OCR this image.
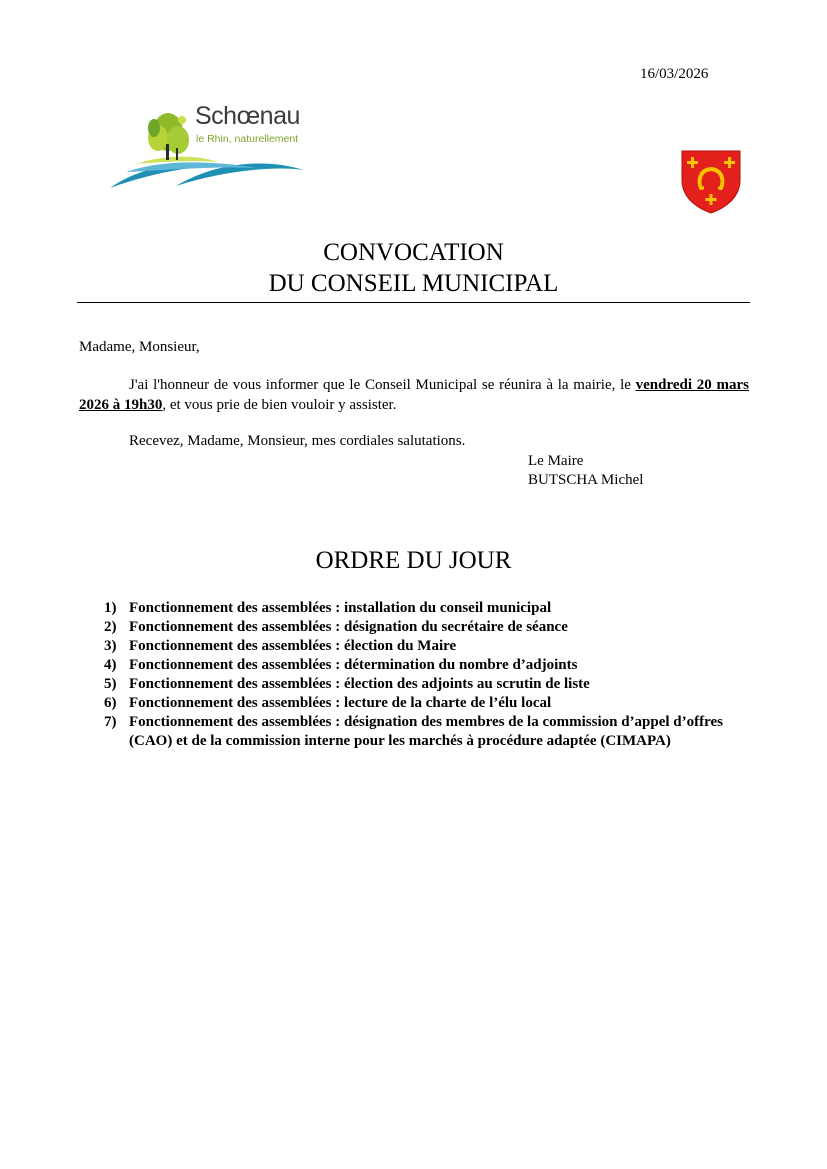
16/03/2026
Schœnau
le Rhin, naturellement
CONVOCATION
DU CONSEIL MUNICIPAL
Madame, Monsieur,
J'ai l'honneur de vous informer que le Conseil Municipal se réunira à la mairie, le vendredi 20 mars 2026 à 19h30, et vous prie de bien vouloir y assister.
Recevez, Madame, Monsieur, mes cordiales salutations.
Le Maire
BUTSCHA Michel
ORDRE DU JOUR
1) Fonctionnement des assemblées : installation du conseil municipal
2) Fonctionnement des assemblées : désignation du secrétaire de séance
3) Fonctionnement des assemblées : élection du Maire
4) Fonctionnement des assemblées : détermination du nombre d’adjoints
5) Fonctionnement des assemblées : élection des adjoints au scrutin de liste
6) Fonctionnement des assemblées : lecture de la charte de l’élu local
7) Fonctionnement des assemblées : désignation des membres de la commission d’appel d’offres (CAO) et de la commission interne pour les marchés à procédure adaptée (CIMAPA)
